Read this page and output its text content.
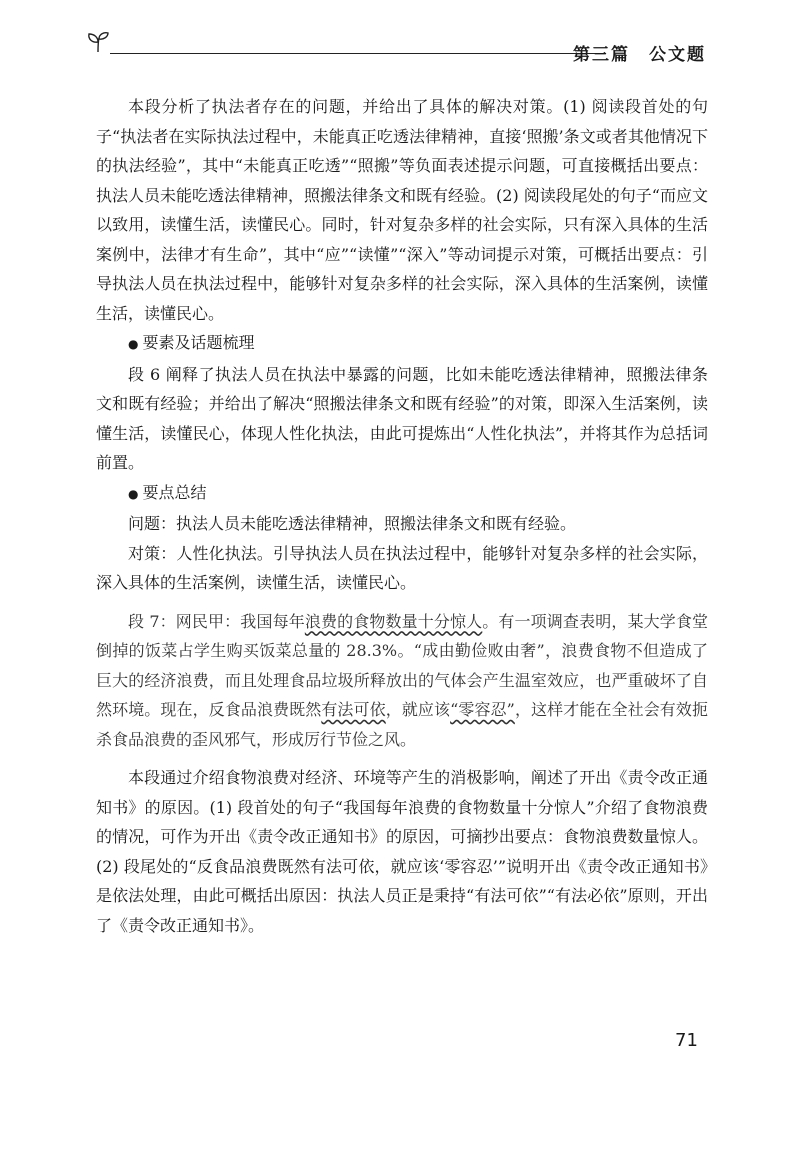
第三篇　公文题

本段分析了执法者存在的问题，并给出了具体的解决对策。(1) 阅读段首处的句子“执法者在实际执法过程中，未能真正吃透法律精神，直接‘照搬’条文或者其他情况下的执法经验”，其中“未能真正吃透”“照搬”等负面表述提示问题，可直接概括出要点：执法人员未能吃透法律精神，照搬法律条文和既有经验。(2) 阅读段尾处的句子“而应文以致用，读懂生活，读懂民心。同时，针对复杂多样的社会实际，只有深入具体的生活案例中，法律才有生命”，其中“应”“读懂”“深入”等动词提示对策，可概括出要点：引导执法人员在执法过程中，能够针对复杂多样的社会实际，深入具体的生活案例，读懂生活，读懂民心。

● 要素及话题梳理

段 6 阐释了执法人员在执法中暴露的问题，比如未能吃透法律精神，照搬法律条文和既有经验；并给出了解决“照搬法律条文和既有经验”的对策，即深入生活案例，读懂生活，读懂民心，体现人性化执法，由此可提炼出“人性化执法”，并将其作为总括词前置。

● 要点总结

问题：执法人员未能吃透法律精神，照搬法律条文和既有经验。

对策：人性化执法。引导执法人员在执法过程中，能够针对复杂多样的社会实际，深入具体的生活案例，读懂生活，读懂民心。

段 7：网民甲：我国每年浪费的食物数量十分惊人。有一项调查表明，某大学食堂倒掉的饭菜占学生购买饭菜总量的 28.3%。“成由勤俭败由奢”，浪费食物不但造成了巨大的经济浪费，而且处理食品垃圾所释放出的气体会产生温室效应，也严重破坏了自然环境。现在，反食品浪费既然有法可依，就应该“零容忍”，这样才能在全社会有效扼杀食品浪费的歪风邪气，形成厉行节俭之风。

本段通过介绍食物浪费对经济、环境等产生的消极影响，阐述了开出《责令改正通知书》的原因。(1) 段首处的句子“我国每年浪费的食物数量十分惊人”介绍了食物浪费的情况，可作为开出《责令改正通知书》的原因，可摘抄出要点：食物浪费数量惊人。(2) 段尾处的“反食品浪费既然有法可依，就应该‘零容忍’”说明开出《责令改正通知书》是依法处理，由此可概括出原因：执法人员正是秉持“有法可依”“有法必依”原则，开出了《责令改正通知书》。

71
